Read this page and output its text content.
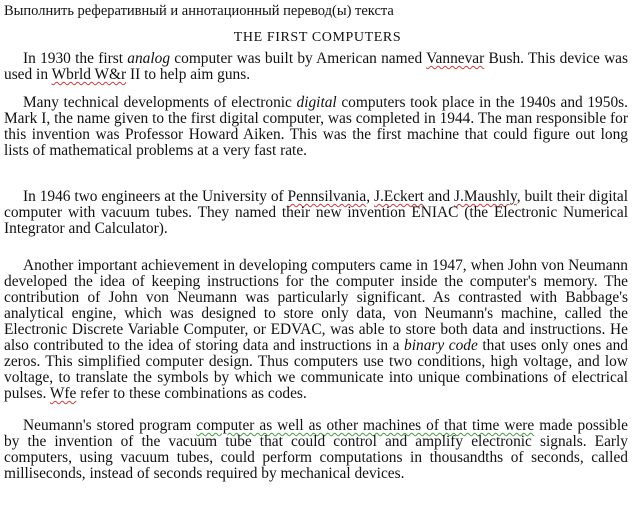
Выполнить реферативный и аннотационный перевод(ы) текста
THE FIRST COMPUTERS

In 1930 the first analog computer was built by American named Vannevar Bush. This device was used in Wbrld W&r II to help aim guns.

Many technical developments of electronic digital computers took place in the 1940s and 1950s. Mark I, the name given to the first digital computer, was completed in 1944. The man responsible for this invention was Professor Howard Aiken. This was the first machine that could figure out long lists of mathematical problems at a very fast rate.

In 1946 two engineers at the University of Pennsilvania, J.Eckert and J.Maushly, built their digital computer with vacuum tubes. They named their new invention ENIAC (the Electronic Numerical Integrator and Calculator).

Another important achievement in developing computers came in 1947, when John von Neumann developed the idea of keeping instructions for the computer inside the computer's memory. The contribution of John von Neumann was particularly significant. As contrasted with Babbage's analytical engine, which was designed to store only data, von Neumann's machine, called the Electronic Discrete Variable Computer, or EDVAC, was able to store both data and instructions. He also contributed to the idea of storing data and instructions in a binary code that uses only ones and zeros. This simplified computer design. Thus computers use two conditions, high voltage, and low voltage, to translate the symbols by which we communicate into unique combinations of electrical pulses. Wfe refer to these combinations as codes.

Neumann's stored program computer as well as other machines of that time were made possible by the invention of the vacuum tube that could control and amplify electronic signals. Early computers, using vacuum tubes, could perform computations in thousandths of seconds, called milliseconds, instead of seconds required by mechanical devices.
